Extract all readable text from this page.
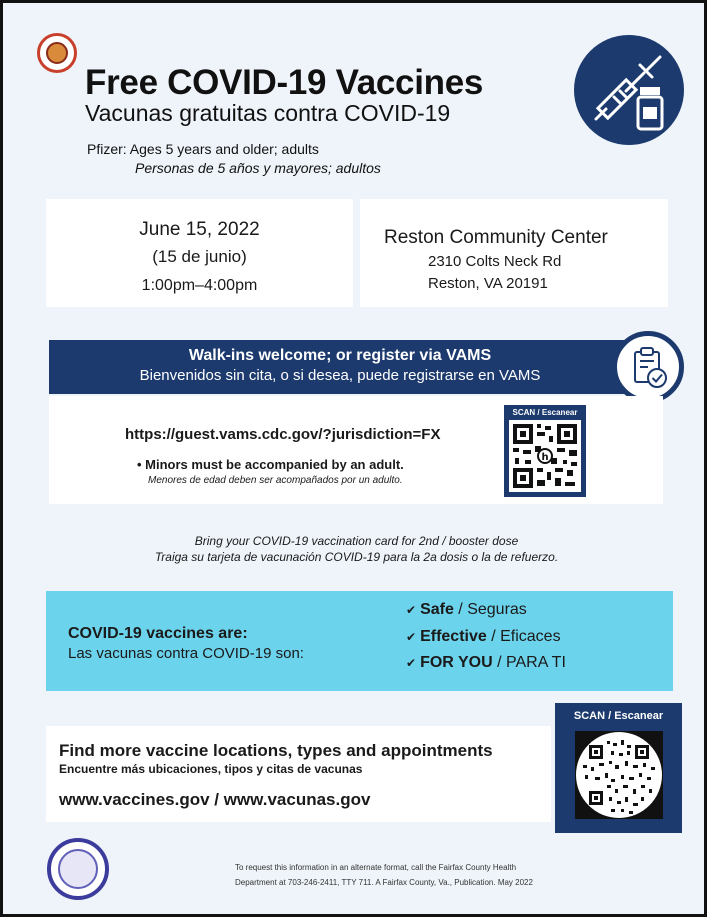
Free COVID-19 Vaccines
Vacunas gratuitas contra COVID-19
Pfizer: Ages 5 years and older; adults
Personas de 5 años y mayores; adultos
June 15, 2022
(15 de junio)
1:00pm–4:00pm
Reston Community Center
2310 Colts Neck Rd
Reston, VA 20191
Walk-ins welcome; or register via VAMS
Bienvenidos sin cita, o si desea, puede registrarse en VAMS
https://guest.vams.cdc.gov/?jurisdiction=FX
• Minors must be accompanied by an adult.
Menores de edad deben ser acompañados por un adulto.
SCAN / Escanear
h
Bring your COVID-19 vaccination card for 2nd / booster dose
Traiga su tarjeta de vacunación COVID-19 para la 2a dosis o la de refuerzo.
COVID-19 vaccines are:
Las vacunas contra COVID-19 son:
✔ Safe / Seguras
✔ Effective / Eficaces
✔ FOR YOU / PARA TI
Find more vaccine locations, types and appointments
Encuentre más ubicaciones, tipos y citas de vacunas
www.vaccines.gov / www.vacunas.gov
SCAN / Escanear
To request this information in an alternate format, call the Fairfax County Health
Department at 703-246-2411, TTY 711. A Fairfax County, Va., Publication. May 2022
